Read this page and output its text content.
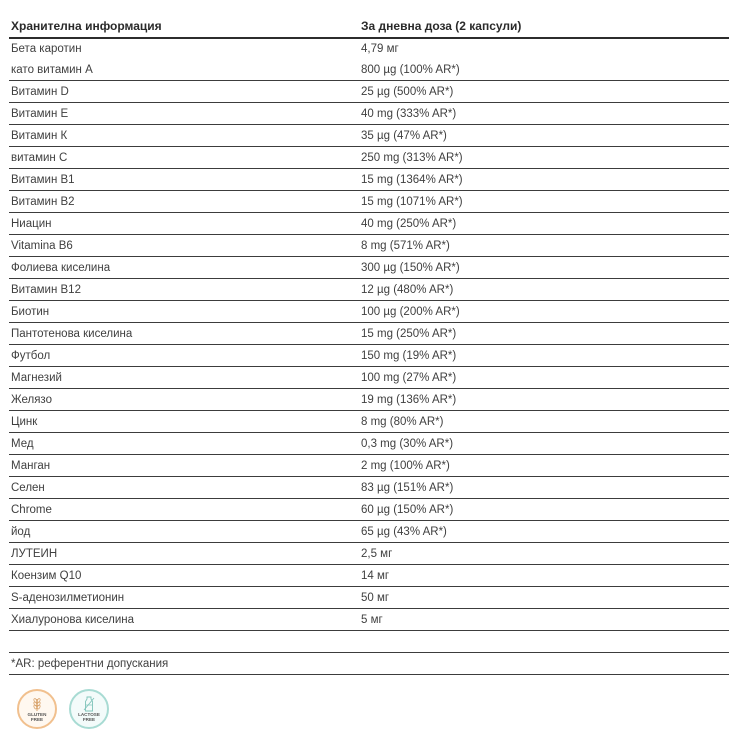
Хранителна информация	За дневна доза (2 капсули)
Бета каротин	4,79 мг
като витамин А	800 µg (100% AR*)
Витамин D	25 µg (500% AR*)
Витамин Е	40 mg (333% AR*)
Витамин К	35 µg (47% AR*)
витамин С	250 mg (313% AR*)
Витамин B1	15 mg (1364% AR*)
Витамин B2	15 mg (1071% AR*)
Ниацин	40 mg (250% AR*)
Vitamina B6	8 mg (571% AR*)
Фолиева киселина	300 µg (150% AR*)
Витамин B12	12 µg (480% AR*)
Биотин	100 µg (200% AR*)
Пантотенова киселина	15 mg (250% AR*)
Футбол	150 mg (19% AR*)
Магнезий	100 mg (27% AR*)
Желязо	19 mg (136% AR*)
Цинк	8 mg (80% AR*)
Мед	0,3 mg (30% AR*)
Манган	2 mg (100% AR*)
Селен	83 µg (151% AR*)
Chrome	60 µg (150% AR*)
йод	65 µg (43% AR*)
ЛУТЕИН	2,5 мг
Коензим Q10	14 мг
S-аденозилметионин	50 мг
Хиалуронова киселина	5 мг

*AR: референтни допускания	
GLUTEN
FREE
LACTOSE
FREE
